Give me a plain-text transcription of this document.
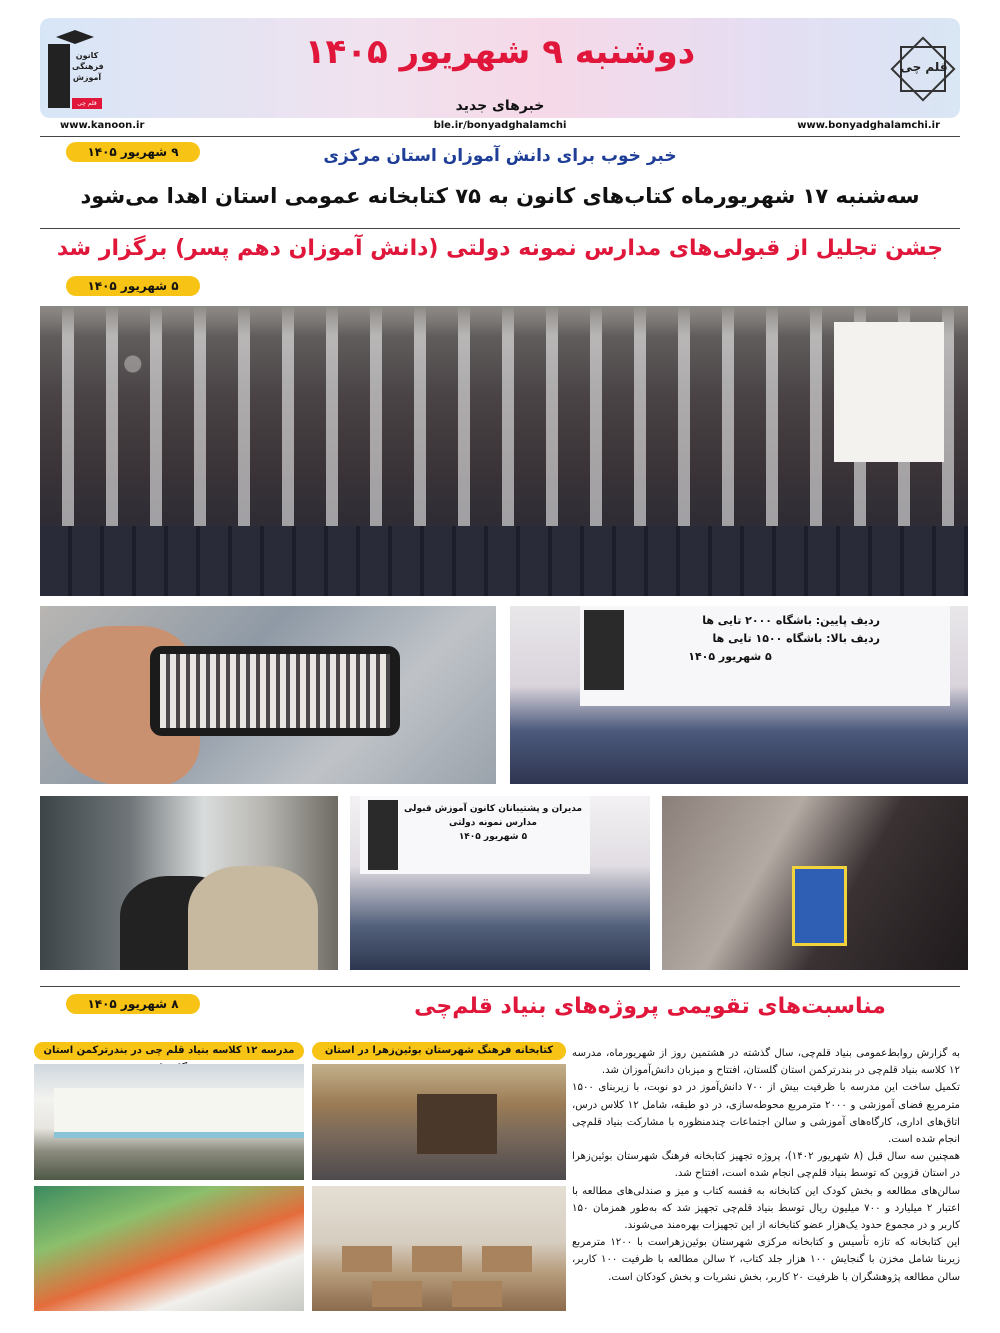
دوشنبه ۹ شهریور ۱۴۰۵
خبرهای جدید
کانون فرهنگی آموزش
قلم چی
قلم چی
www.kanoon.ir	ble.ir/bonyadghalamchi	www.bonyadghalamchi.ir
۹ شهریور ۱۴۰۵	خبر خوب برای دانش آموزان استان مرکزی
سه‌شنبه ۱۷ شهریورماه کتاب‌های کانون به ۷۵ کتابخانه عمومی استان اهدا می‌شود
جشن تجلیل از قبولی‌های مدارس نمونه دولتی (دانش آموزان دهم پسر) برگزار شد
۵ شهریور ۱۴۰۵
ردیف پایین: باشگاه ۲۰۰۰ تایی ها
ردیف بالا: باشگاه ۱۵۰۰ تایی ها
۵ شهریور ۱۴۰۵
مدیران و پشتیبانان کانون آموزش قبولی مدارس نمونه دولتی
۵ شهریور ۱۴۰۵
۸ شهریور ۱۴۰۵	مناسبت‌های تقویمی پروژه‌های بنیاد قلم‌چی
مدرسه ۱۲ کلاسه بنیاد قلم چی در بندرترکمن استان	کتابخانه فرهنگ شهرستان بوئین‌زهرا در استان	به گزارش روابط‌عمومی بنیاد قلم‌چی، سال گذشته در هشتمین روز از شهریورماه، مدرسه ۱۲ کلاسه بنیاد قلم‌چی در بندرترکمن استان گلستان، افتتاح و میزبان دانش‌آموزان شد.

تکمیل ساخت این مدرسه با ظرفیت بیش از ۷۰۰ دانش‌آموز در دو نوبت، با زیربنای ۱۵۰۰ مترمربع فضای آموزشی و ۲۰۰۰ مترمربع محوطه‌سازی، در دو طبقه، شامل ۱۲ کلاس درس، اتاق‌های اداری، کارگاه‌های آموزشی و سالن اجتماعات چندمنظوره با مشارکت بنیاد قلم‌چی انجام شده است.

همچنین سه سال قبل (۸ شهریور ۱۴۰۲)، پروژه تجهیز کتابخانه فرهنگ شهرستان بوئین‌زهرا در استان قزوین که توسط بنیاد قلم‌چی انجام شده است، افتتاح شد.

سالن‌های مطالعه و بخش کودک این کتابخانه به قفسه کتاب و میز و صندلی‌های مطالعه با اعتبار ۲ میلیارد و ۷۰۰ میلیون ریال توسط بنیاد قلم‌چی تجهیز شد که به‌طور همزمان ۱۵۰ کاربر و در مجموع حدود یک‌هزار عضو کتابخانه از این تجهیزات بهره‌مند می‌شوند.

این کتابخانه که تازه تأسیس و کتابخانه مرکزی شهرستان بوئین‌زهراست با ۱۲۰۰ مترمربع زیربنا شامل مخزن با گنجایش ۱۰۰ هزار جلد کتاب، ۲ سالن مطالعه با ظرفیت ۱۰۰ کاربر، سالن مطالعه پژوهشگران با ظرفیت ۲۰ کاربر، بخش نشریات و بخش کودکان است.
